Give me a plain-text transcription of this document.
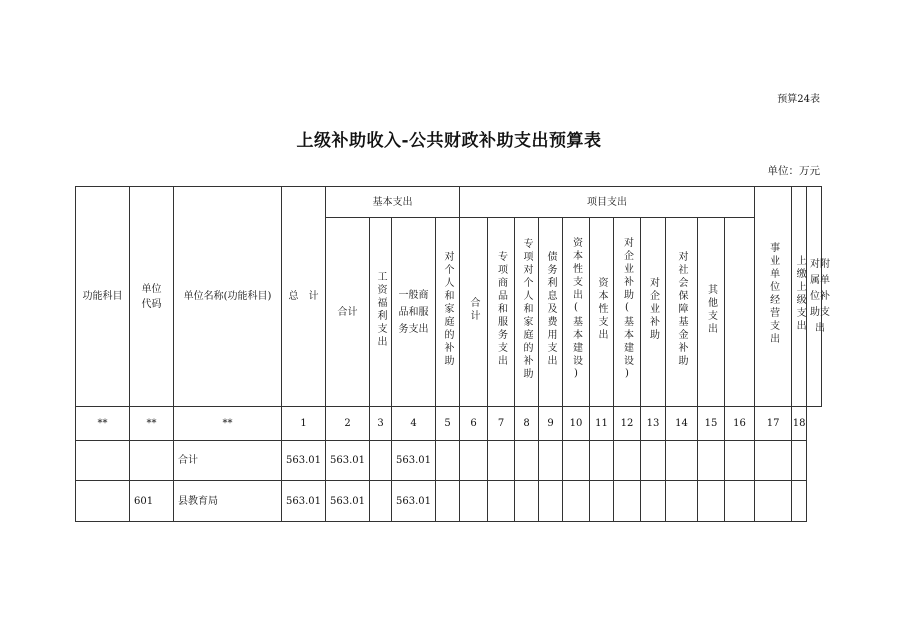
预算24表
上级补助收入-公共财政补助支出预算表
单位：万元
功能科目	单位代码	单位名称(功能科目)	总　计	基本支出				项目支出											事业单位经营支出	上缴上级支出	对附属单位补助支出

				合计	工资福利支出	一般商品和服务支出	对个人和家庭的补助	合计	专项商品和服务支出	专项对个人和家庭的补助	债务利息及费用支出	资本性支出(基本建设)	资本性支出	对企业补助(基本建设)	对企业补助	对社会保障基金补助	其他支出				
**	**	**	1	2	3	4	5	6	7	8	9	10	11	12	13	14	15	16	17	18	
		合计	563.01	563.01		563.01															
	601	县教育局	563.01	563.01		563.01															
